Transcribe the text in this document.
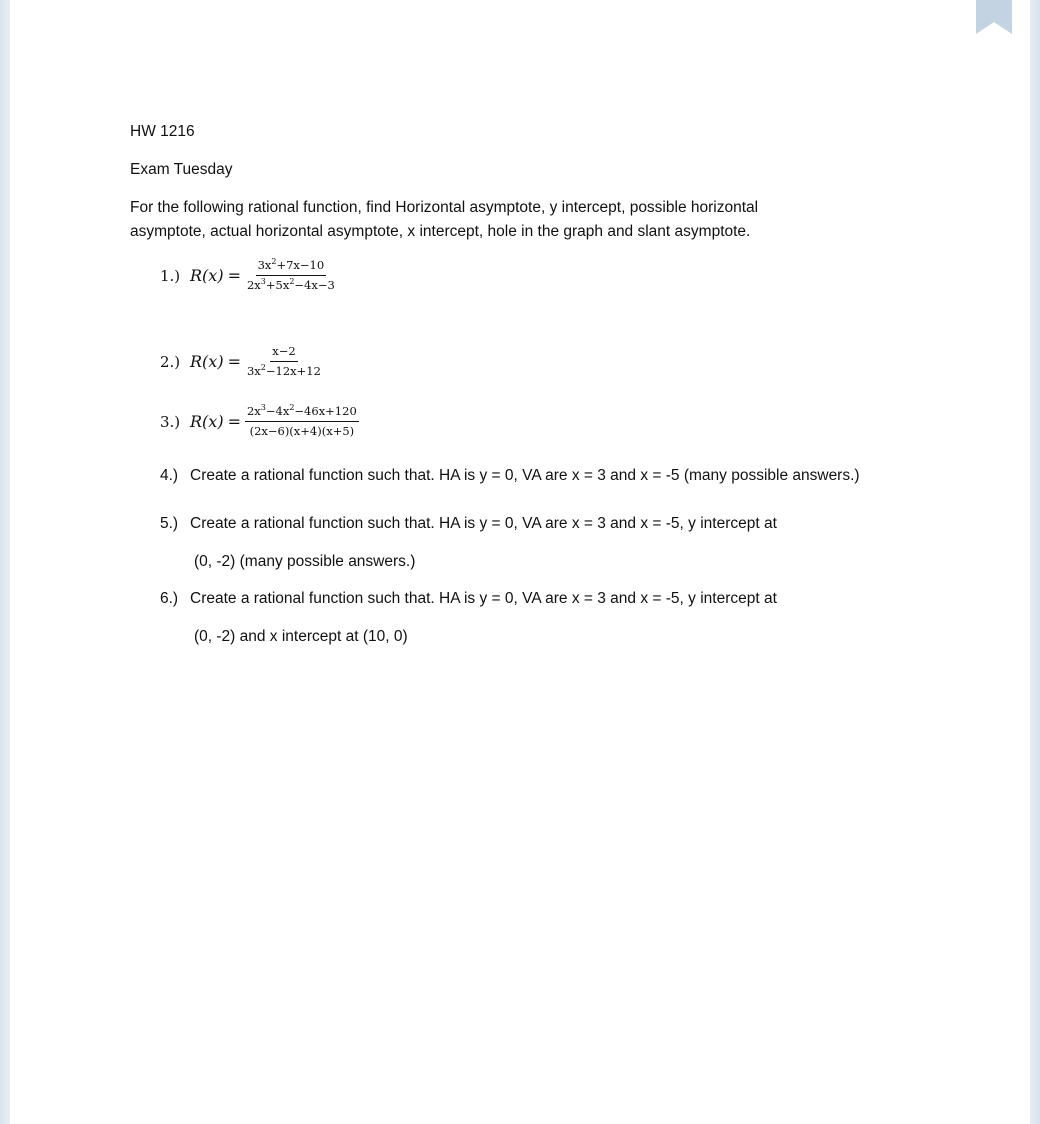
HW 1216

Exam Tuesday

For the following rational function, find Horizontal asymptote, y intercept, possible horizontal
asymptote, actual horizontal asymptote, x intercept, hole in the graph and slant asymptote.
1.) $R(x) = \frac{3x^2+7x-10}{2x^3+5x^2-4x-3}$
2.) $R(x) = \frac{x-2}{3x^2-12x+12}$
3.) $R(x) = \frac{2x^3-4x^2-46x+120}{(2x-6)(x+4)(x+5)}$
4.) Create a rational function such that. HA is y = 0, VA are x = 3 and x = -5 (many possible answers.)
5.) Create a rational function such that. HA is y = 0, VA are x = 3 and x = -5, y intercept at
(0, -2) (many possible answers.)
6.) Create a rational function such that. HA is y = 0, VA are x = 3 and x = -5, y intercept at
(0, -2) and x intercept at (10, 0)
